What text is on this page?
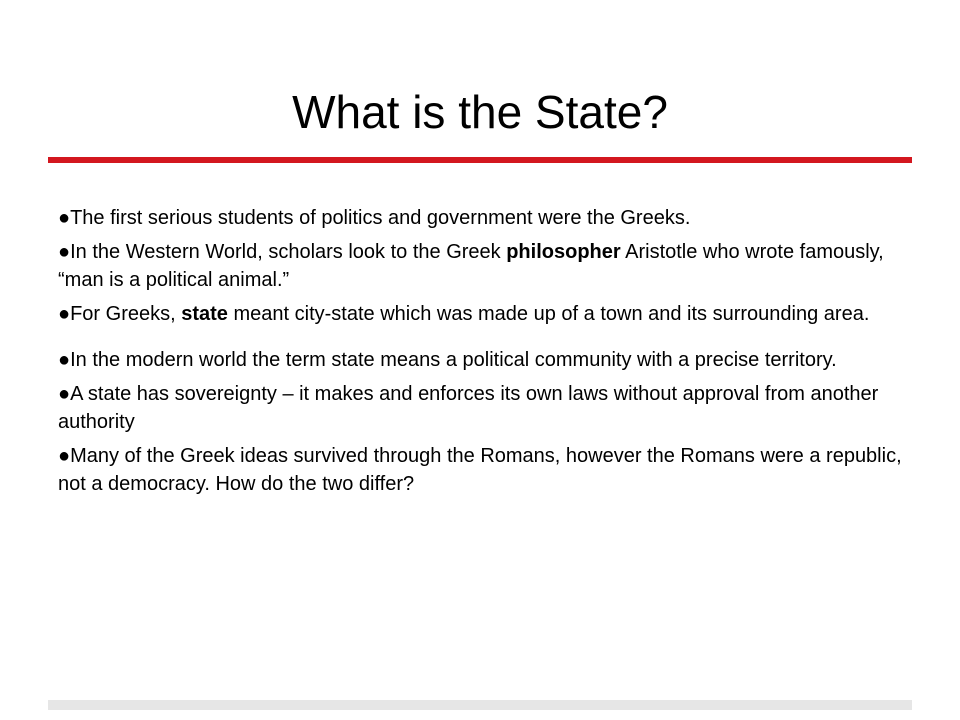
What is the State?
●The first serious students of politics and government were the Greeks.
●In the Western World, scholars look to the Greek philosopher Aristotle who wrote famously, “man is a political animal.”
●For Greeks, state meant city-state which was made up of a town and its surrounding area.
●In the modern world the term state means a political community with a precise territory.
●A state has sovereignty – it makes and enforces its own laws without approval from another authority
●Many of the Greek ideas survived through the Romans, however the Romans were a republic, not a democracy. How do the two differ?
